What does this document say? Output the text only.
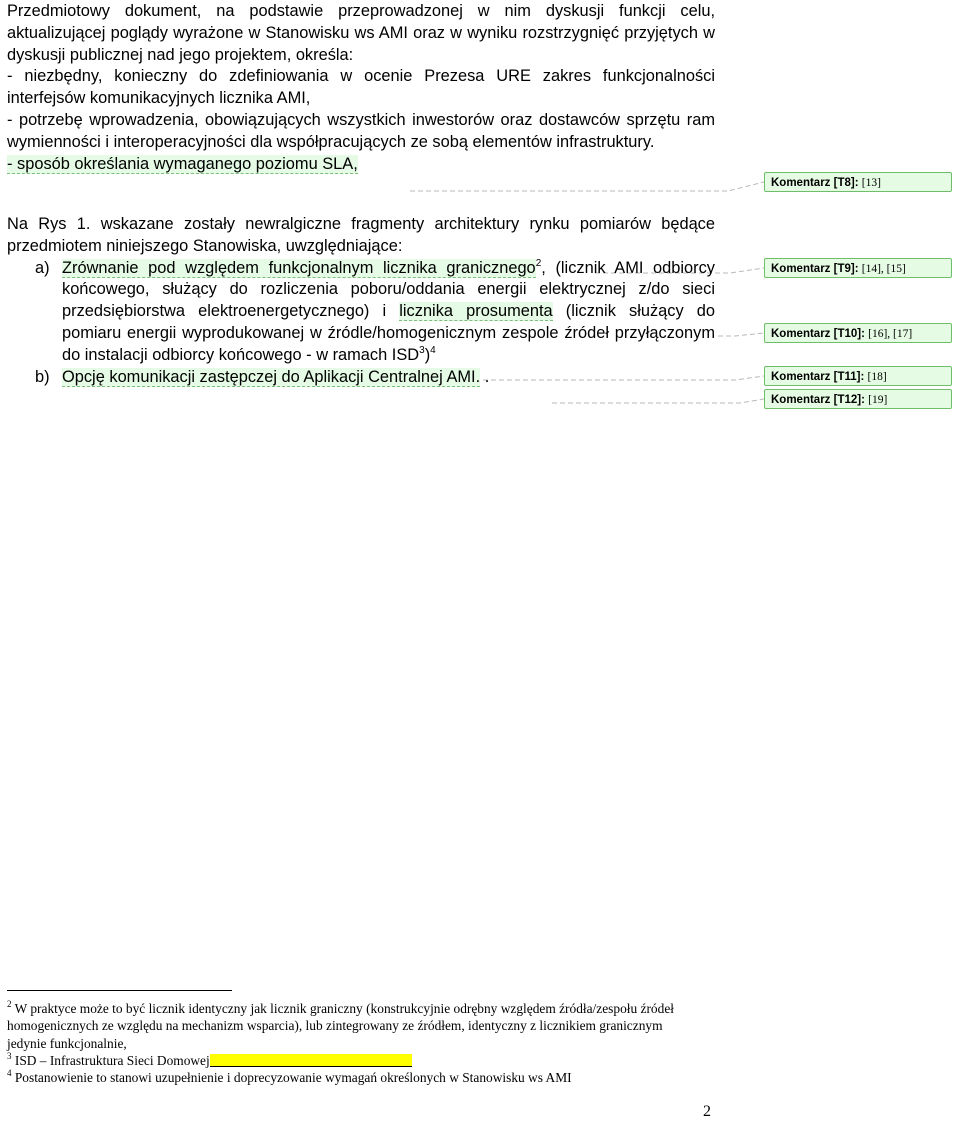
Przedmiotowy dokument, na podstawie przeprowadzonej w nim dyskusji funkcji celu, aktualizującej poglądy wyrażone w Stanowisku ws AMI oraz w wyniku rozstrzygnięć przyjętych w dyskusji publicznej nad jego projektem, określa:
- niezbędny, konieczny do zdefiniowania w ocenie Prezesa URE zakres funkcjonalności interfejsów komunikacyjnych licznika AMI,
- potrzebę wprowadzenia, obowiązujących wszystkich inwestorów oraz dostawców sprzętu ram wymienności i interoperacyjności dla współpracujących ze sobą elementów infrastruktury.
- sposób określania wymaganego poziomu SLA,
Na Rys 1. wskazane zostały newralgiczne fragmenty architektury rynku pomiarów będące przedmiotem niniejszego Stanowiska, uwzględniające:
a) Zrównanie pod względem funkcjonalnym licznika granicznego$^2$, (licznik AMI odbiorcy końcowego, służący do rozliczenia poboru/oddania energii elektrycznej z/do sieci przedsiębiorstwa elektroenergetycznego) i licznika prosumenta (licznik służący do pomiaru energii wyprodukowanej w źródle/homogenicznym zespole źródeł przyłączonym do instalacji odbiorcy końcowego - w ramach ISD$^3$)$^4$
b) Opcję komunikacji zastępczej do Aplikacji Centralnej AMI. .
Komentarz [T8]: [13]
Komentarz [T9]: [14], [15]
Komentarz [T10]: [16], [17]
Komentarz [T11]: [18]
Komentarz [T12]: [19]
$^2$ W praktyce może to być licznik identyczny jak licznik graniczny (konstrukcyjnie odrębny względem źródła/zespołu źródeł homogenicznych ze względu na mechanizm wsparcia), lub zintegrowany ze źródłem, identyczny z licznikiem granicznym jedynie funkcjonalnie,
$^3$ ISD – Infrastruktura Sieci Domowej
$^4$ Postanowienie to stanowi uzupełnienie i doprecyzowanie wymagań określonych w Stanowisku ws AMI
2
